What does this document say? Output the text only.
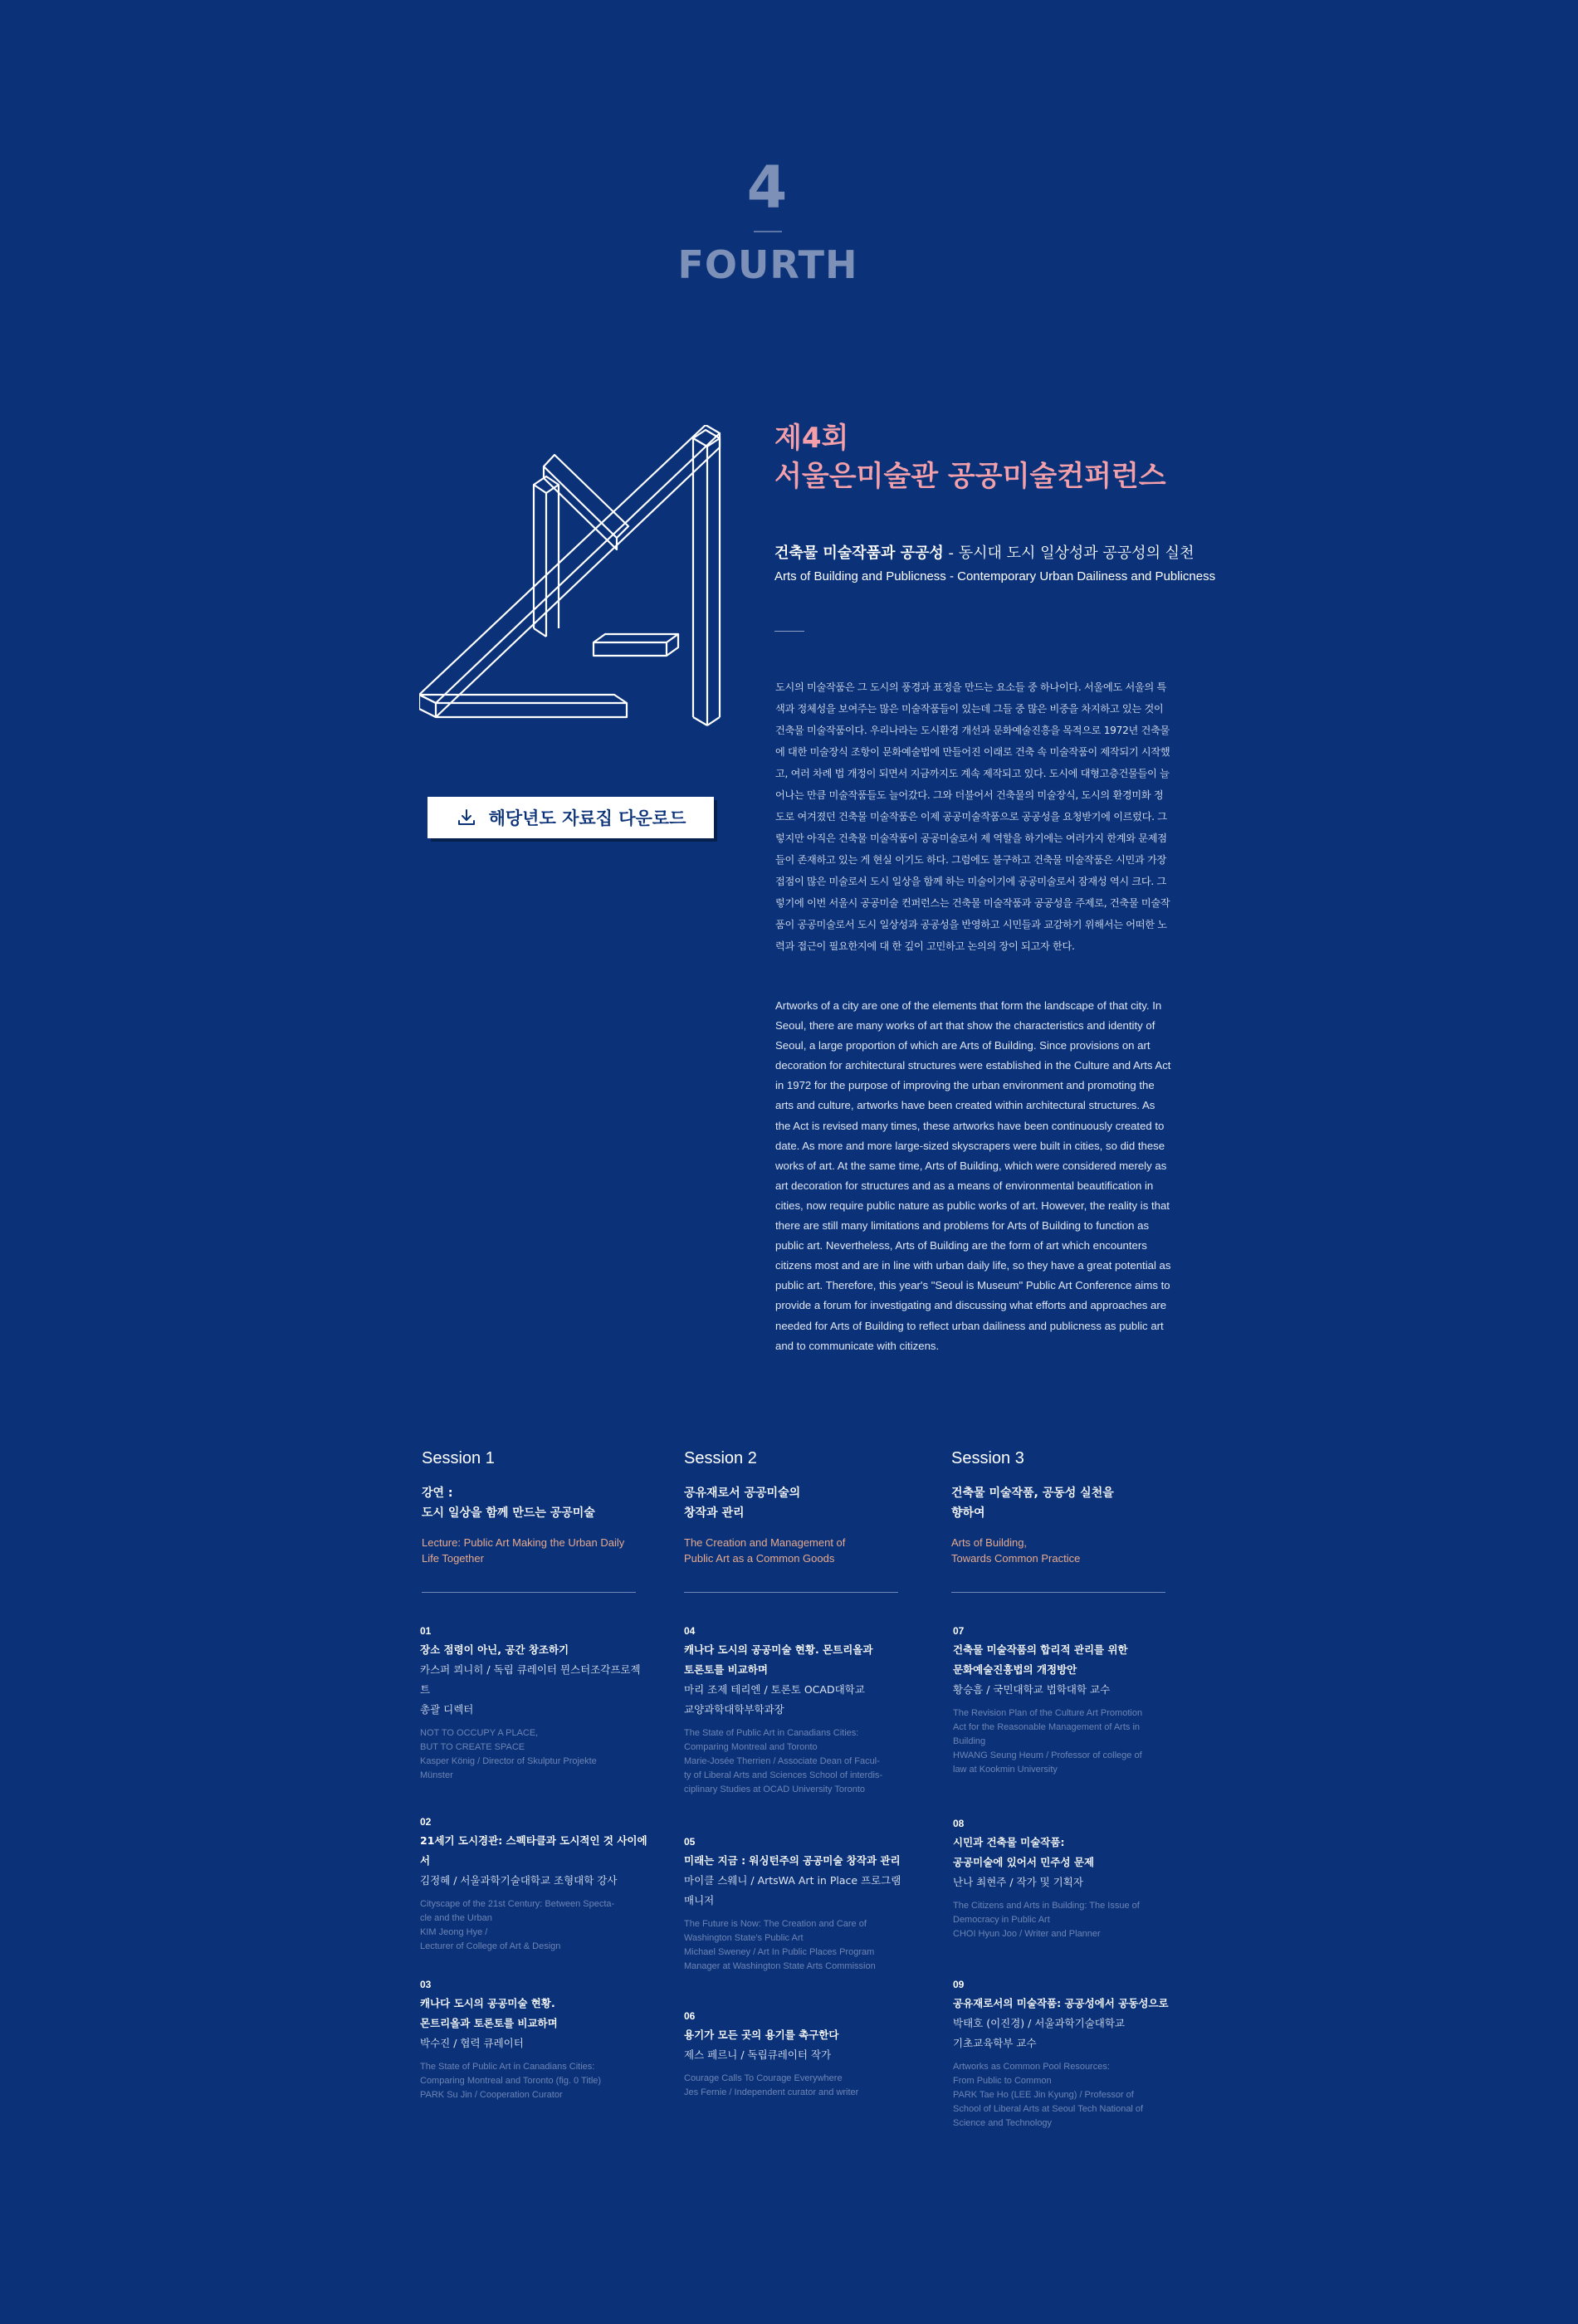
4
FOURTH
해당년도 자료집 다운로드
제4회
서울은미술관 공공미술컨퍼런스
건축물 미술작품과 공공성 - 동시대 도시 일상성과 공공성의 실천
Arts of Building and Publicness - Contemporary Urban Dailiness and Publicness

도시의 미술작품은 그 도시의 풍경과 표정을 만드는 요소들 중 하나이다. 서울에도 서울의 특색과 정체성을 보여주는 많은 미술작품들이 있는데 그들 중 많은 비중을 차지하고 있는 것이 건축물 미술작품이다. 우리나라는 도시환경 개선과 문화예술진흥을 목적으로 1972년 건축물에 대한 미술장식 조항이 문화예술법에 만들어진 이래로 건축 속 미술작품이 제작되기 시작했고, 여러 차례 법 개정이 되면서 지금까지도 계속 제작되고 있다. 도시에 대형고층건물들이 늘어나는 만큼 미술작품들도 늘어갔다. 그와 더불어서 건축물의 미술장식, 도시의 환경미화 정도로 여겨졌던 건축물 미술작품은 이제 공공미술작품으로 공공성을 요청받기에 이르렀다. 그렇지만 아직은 건축물 미술작품이 공공미술로서 제 역할을 하기에는 여러가지 한계와 문제점들이 존재하고 있는 게 현실 이기도 하다. 그럼에도 불구하고 건축물 미술작품은 시민과 가장 접점이 많은 미술로서 도시 일상을 함께 하는 미술이기에 공공미술로서 잠재성 역시 크다. 그렇기에 이번 서울시 공공미술 컨퍼런스는 건축물 미술작품과 공공성을 주제로, 건축물 미술작품이 공공미술로서 도시 일상성과 공공성을 반영하고 시민들과 교감하기 위해서는 어떠한 노력과 접근이 필요한지에 대 한 깊이 고민하고 논의의 장이 되고자 한다.

Artworks of a city are one of the elements that form the landscape of that city. In Seoul, there are many works of art that show the characteristics and identity of Seoul, a large proportion of which are Arts of Building. Since provisions on art decoration for architectural structures were established in the Culture and Arts Act in 1972 for the purpose of improving the urban environment and promoting the arts and culture, artworks have been created within architectural structures. As the Act is revised many times, these artworks have been continuously created to date. As more and more large-sized skyscrapers were built in cities, so did these works of art. At the same time, Arts of Building, which were considered merely as art decoration for structures and as a means of environmental beautification in cities, now require public nature as public works of art. However, the reality is that there are still many limitations and problems for Arts of Building to function as public art. Nevertheless, Arts of Building are the form of art which encounters citizens most and are in line with urban daily life, so they have a great potential as public art. Therefore, this year's "Seoul is Museum" Public Art Conference aims to provide a forum for investigating and discussing what efforts and approaches are needed for Arts of Building to reflect urban dailiness and publicness as public art and to communicate with citizens.

Session 1
강연 :
도시 일상을 함께 만드는 공공미술
Lecture: Public Art Making the Urban Daily
Life Together
Session 2
공유재로서 공공미술의
창작과 관리
The Creation and Management of
Public Art as a Common Goods
Session 3
건축물 미술작품, 공동성 실천을
향하여
Arts of Building,
Towards Common Practice
01
장소 점령이 아닌, 공간 창조하기
카스퍼 쾨니히 / 독립 큐레이터 뮌스터조각프로젝트
총괄 디렉터
NOT TO OCCUPY A PLACE,
BUT TO CREATE SPACE
Kasper König / Director of Skulptur Projekte
Münster
02
21세기 도시경관: 스펙타클과 도시적인 것 사이에서
김정혜 / 서울과학기술대학교 조형대학 강사
Cityscape of the 21st Century: Between Specta-
cle and the Urban
KIM Jeong Hye /
Lecturer of College of Art & Design
03
캐나다 도시의 공공미술 현황.
몬트리올과 토론토를 비교하며
박수진 / 협력 큐레이터
The State of Public Art in Canadians Cities:
Comparing Montreal and Toronto (fig. 0 Title)
PARK Su Jin / Cooperation Curator
04
캐나다 도시의 공공미술 현황. 몬트리올과
토론토를 비교하며
마리 조제 테리엔 / 토론토 OCAD대학교
교양과학대학부학과장
The State of Public Art in Canadians Cities:
Comparing Montreal and Toronto
Marie-Josée Therrien / Associate Dean of Facul-
ty of Liberal Arts and Sciences School of interdis-
ciplinary Studies at OCAD University Toronto
05
미래는 지금 : 워싱턴주의 공공미술 창작과 관리
마이클 스웨니 / ArtsWA Art in Place 프로그램
매니저
The Future is Now: The Creation and Care of
Washington State's Public Art
Michael Sweney / Art In Public Places Program
Manager at Washington State Arts Commission
06
용기가 모든 곳의 용기를 촉구한다
제스 페르니 / 독립큐레이터 작가
Courage Calls To Courage Everywhere
Jes Fernie / Independent curator and writer
07
건축물 미술작품의 합리적 관리를 위한
문화예술진흥법의 개정방안
황승흠 / 국민대학교 법학대학 교수
The Revision Plan of the Culture Art Promotion
Act for the Reasonable Management of Arts in
Building
HWANG Seung Heum / Professor of college of
law at Kookmin University
08
시민과 건축물 미술작품:
공공미술에 있어서 민주성 문제
난나 최현주 / 작가 및 기획자
The Citizens and Arts in Building: The Issue of
Democracy in Public Art
CHOI Hyun Joo / Writer and Planner
09
공유재로서의 미술작품: 공공성에서 공동성으로
박태호 (이진경) / 서울과학기술대학교
기초교육학부 교수
Artworks as Common Pool Resources:
From Public to Common
PARK Tae Ho (LEE Jin Kyung) / Professor of
School of Liberal Arts at Seoul Tech National of
Science and Technology
